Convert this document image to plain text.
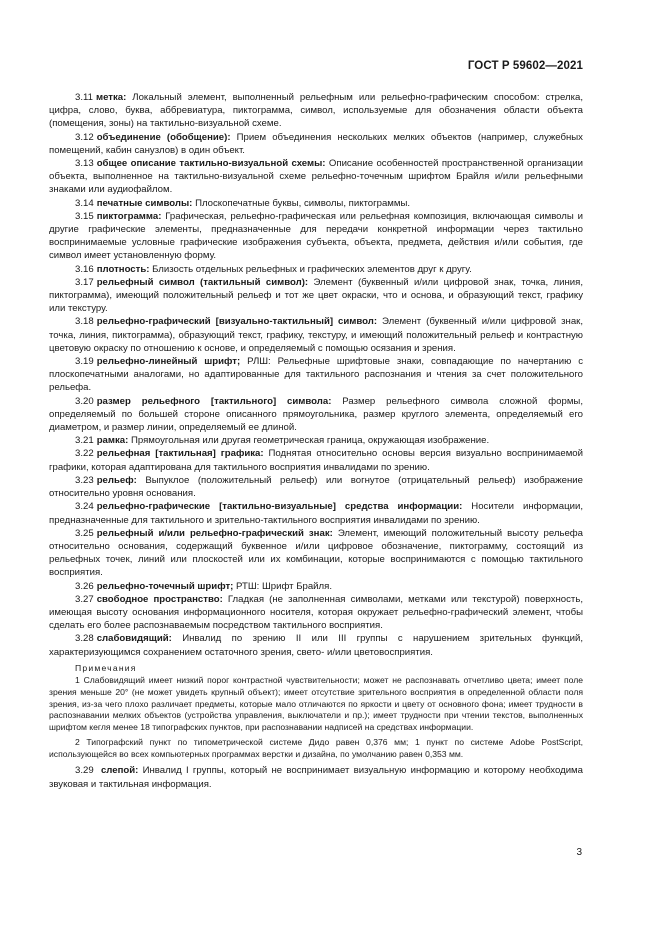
ГОСТ Р 59602—2021

3.11 метка: Локальный элемент, выполненный рельефным или рельефно-графическим способом: стрелка, цифра, слово, буква, аббревиатура, пиктограмма, символ, используемые для обозначения области объекта (помещения, зоны) на тактильно-визуальной схеме.

3.12 объединение (обобщение): Прием объединения нескольких мелких объектов (например, служебных помещений, кабин санузлов) в один объект.

3.13 общее описание тактильно-визуальной схемы: Описание особенностей пространственной организации объекта, выполненное на тактильно-визуальной схеме рельефно-точечным шрифтом Брайля и/или рельефными знаками или аудиофайлом.

3.14 печатные символы: Плоскопечатные буквы, символы, пиктограммы.

3.15 пиктограмма: Графическая, рельефно-графическая или рельефная композиция, включающая символы и другие графические элементы, предназначенные для передачи конкретной информации через тактильно воспринимаемые условные графические изображения субъекта, объекта, предмета, действия и/или события, где символ имеет установленную форму.

3.16 плотность: Близость отдельных рельефных и графических элементов друг к другу.

3.17 рельефный символ (тактильный символ): Элемент (буквенный и/или цифровой знак, точка, линия, пиктограмма), имеющий положительный рельеф и тот же цвет окраски, что и основа, и образующий текст, графику или текстуру.

3.18 рельефно-графический [визуально-тактильный] символ: Элемент (буквенный и/или цифровой знак, точка, линия, пиктограмма), образующий текст, графику, текстуру, и имеющий положительный рельеф и контрастную цветовую окраску по отношению к основе, и определяемый с помощью осязания и зрения.

3.19 рельефно-линейный шрифт; РЛШ: Рельефные шрифтовые знаки, совпадающие по начертанию с плоскопечатными аналогами, но адаптированные для тактильного распознания и чтения за счет положительного рельефа.

3.20 размер рельефного [тактильного] символа: Размер рельефного символа сложной формы, определяемый по большей стороне описанного прямоугольника, размер круглого элемента, определяемый его диаметром, и размер линии, определяемый ее длиной.

3.21 рамка: Прямоугольная или другая геометрическая граница, окружающая изображение.

3.22 рельефная [тактильная] графика: Поднятая относительно основы версия визуально воспринимаемой графики, которая адаптирована для тактильного восприятия инвалидами по зрению.

3.23 рельеф: Выпуклое (положительный рельеф) или вогнутое (отрицательный рельеф) изображение относительно уровня основания.

3.24 рельефно-графические [тактильно-визуальные] средства информации: Носители информации, предназначенные для тактильного и зрительно-тактильного восприятия инвалидами по зрению.

3.25 рельефный и/или рельефно-графический знак: Элемент, имеющий положительный высоту рельефа относительно основания, содержащий буквенное и/или цифровое обозначение, пиктограмму, состоящий из рельефных точек, линий или плоскостей или их комбинации, которые воспринимаются с помощью тактильного восприятия.

3.26 рельефно-точечный шрифт; РТШ: Шрифт Брайля.

3.27 свободное пространство: Гладкая (не заполненная символами, метками или текстурой) поверхность, имеющая высоту основания информационного носителя, которая окружает рельефно-графический элемент, чтобы сделать его более распознаваемым посредством тактильного восприятия.

3.28 слабовидящий: Инвалид по зрению II или III группы с нарушением зрительных функций, характеризующимся сохранением остаточного зрения, свето- и/или цветовосприятия.

Примечания

1 Слабовидящий имеет низкий порог контрастной чувствительности; может не распознавать отчетливо цвета; имеет поле зрения меньше 20° (не может увидеть крупный объект); имеет отсутствие зрительного восприятия в определенной области поля зрения, из-за чего плохо различает предметы, которые мало отличаются по яркости и цвету от основного фона; имеет трудности в распознавании мелких объектов (устройства управления, выключатели и пр.); имеет трудности при чтении текстов, выполненных шрифтом кегля менее 18 типографских пунктов, при распознавании надписей на средствах информации.

2 Типографский пункт по типометрической системе Дидо равен 0,376 мм; 1 пункт по системе Adobe PostScript, использующейся во всех компьютерных программах верстки и дизайна, по умолчанию равен 0,353 мм.

3.29 слепой: Инвалид I группы, который не воспринимает визуальную информацию и которому необходима звуковая и тактильная информация.

3
